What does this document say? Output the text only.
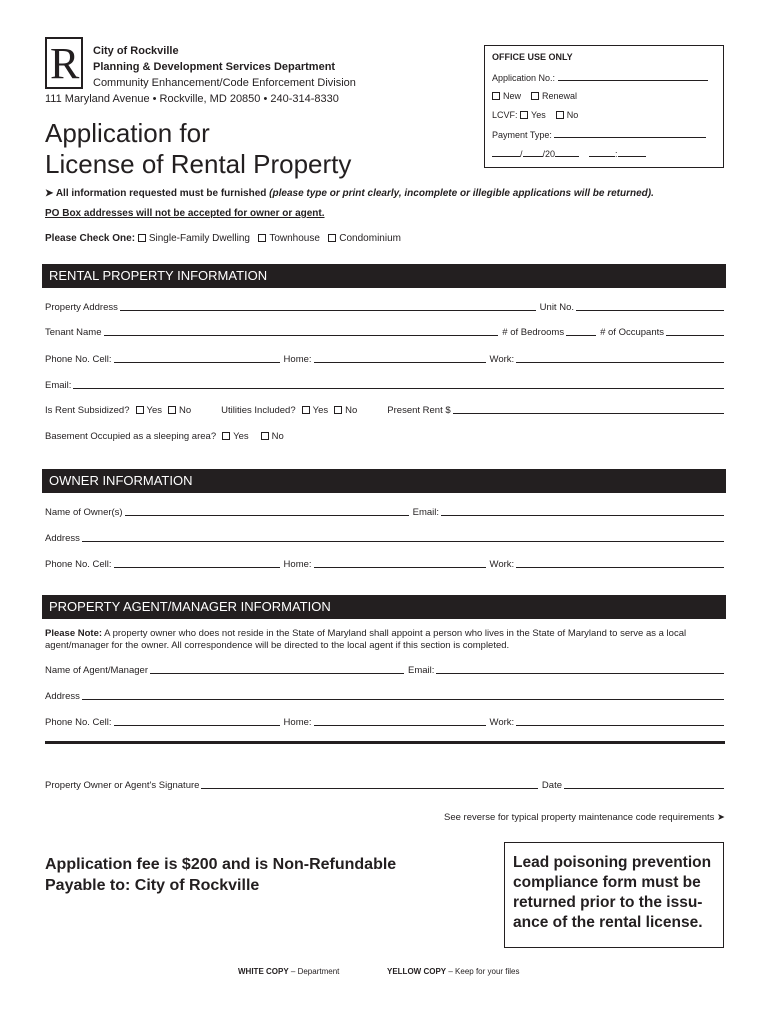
R City of Rockville
Planning & Development Services Department
Community Enhancement/Code Enforcement Division
111 Maryland Avenue • Rockville, MD 20850 • 240-314-8330
Application for
License of Rental Property
OFFICE USE ONLY
Application No.:
New Renewal
LCVF: Yes No
Payment Type:
/ /20	:
➤ All information requested must be furnished (please type or print clearly, incomplete or illegible applications will be returned).
PO Box addresses will not be accepted for owner or agent.
Please Check One: Single-Family Dwelling Townhouse Condominium
RENTAL PROPERTY INFORMATION
Property Address	Unit No.
Tenant Name	# of Bedrooms	# of Occupants
Phone No. Cell:	Home:	Work:
Email:
Is Rent Subsidized?	Yes	No	Utilities Included?	Yes	No	Present Rent $
Basement Occupied as a sleeping area?	Yes	No
OWNER INFORMATION
Name of Owner(s)	Email:
Address
Phone No. Cell:	Home:	Work:
PROPERTY AGENT/MANAGER INFORMATION
Please Note: A property owner who does not reside in the State of Maryland shall appoint a person who lives in the State of Maryland to serve as a local agent/manager for the owner. All correspondence will be directed to the local agent if this section is completed.
Name of Agent/Manager	Email:
Address
Phone No. Cell:	Home:	Work:
Property Owner or Agent's Signature	Date
See reverse for typical property maintenance code requirements ➤
Application fee is $200 and is Non-Refundable
Payable to: City of Rockville
Lead poisoning prevention compliance form must be returned prior to the issu- ance of the rental license.
WHITE COPY – Department	YELLOW COPY – Keep for your files
